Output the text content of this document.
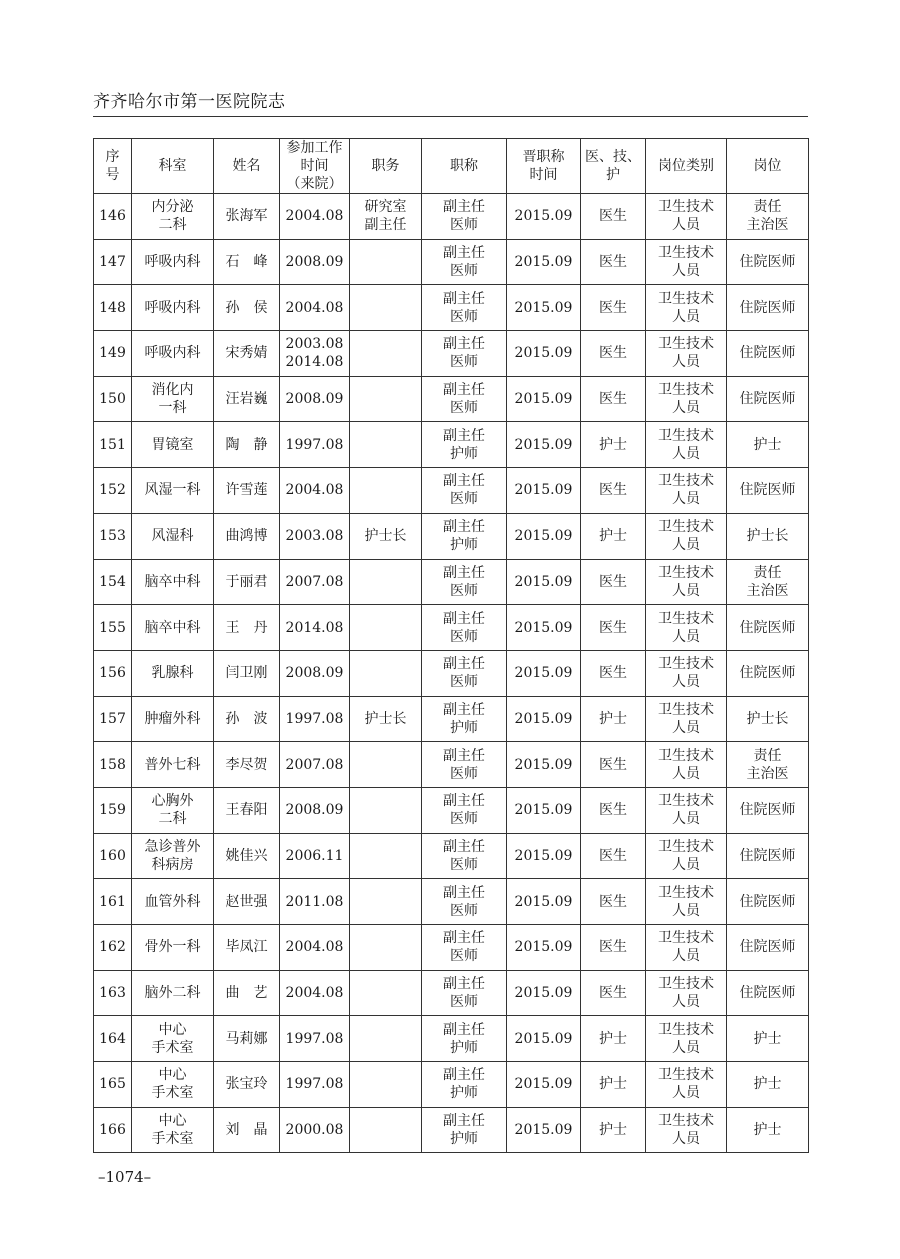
齐齐哈尔市第一医院院志
序
号	科室	姓名	参加工作
时间
（来院）	职务	职称	晋职称
时间	医、技、
护	岗位类别	岗位
146	内分泌
二科	张海军	2004.08	研究室
副主任	副主任
医师	2015.09	医生	卫生技术
人员	责任
主治医
147	呼吸内科	石　峰	2008.09		副主任
医师	2015.09	医生	卫生技术
人员	住院医师
148	呼吸内科	孙　侯	2004.08		副主任
医师	2015.09	医生	卫生技术
人员	住院医师
149	呼吸内科	宋秀婧	2003.08
2014.08		副主任
医师	2015.09	医生	卫生技术
人员	住院医师
150	消化内
一科	汪岩巍	2008.09		副主任
医师	2015.09	医生	卫生技术
人员	住院医师
151	胃镜室	陶　静	1997.08		副主任
护师	2015.09	护士	卫生技术
人员	护士
152	风湿一科	许雪莲	2004.08		副主任
医师	2015.09	医生	卫生技术
人员	住院医师
153	风湿科	曲鸿博	2003.08	护士长	副主任
护师	2015.09	护士	卫生技术
人员	护士长
154	脑卒中科	于丽君	2007.08		副主任
医师	2015.09	医生	卫生技术
人员	责任
主治医
155	脑卒中科	王　丹	2014.08		副主任
医师	2015.09	医生	卫生技术
人员	住院医师
156	乳腺科	闫卫刚	2008.09		副主任
医师	2015.09	医生	卫生技术
人员	住院医师
157	肿瘤外科	孙　波	1997.08	护士长	副主任
护师	2015.09	护士	卫生技术
人员	护士长
158	普外七科	李尽贺	2007.08		副主任
医师	2015.09	医生	卫生技术
人员	责任
主治医
159	心胸外
二科	王春阳	2008.09		副主任
医师	2015.09	医生	卫生技术
人员	住院医师
160	急诊普外
科病房	姚佳兴	2006.11		副主任
医师	2015.09	医生	卫生技术
人员	住院医师
161	血管外科	赵世强	2011.08		副主任
医师	2015.09	医生	卫生技术
人员	住院医师
162	骨外一科	毕凤江	2004.08		副主任
医师	2015.09	医生	卫生技术
人员	住院医师
163	脑外二科	曲　艺	2004.08		副主任
医师	2015.09	医生	卫生技术
人员	住院医师
164	中心
手术室	马莉娜	1997.08		副主任
护师	2015.09	护士	卫生技术
人员	护士
165	中心
手术室	张宝玲	1997.08		副主任
护师	2015.09	护士	卫生技术
人员	护士
166	中心
手术室	刘　晶	2000.08		副主任
护师	2015.09	护士	卫生技术
人员	护士
–1074–
